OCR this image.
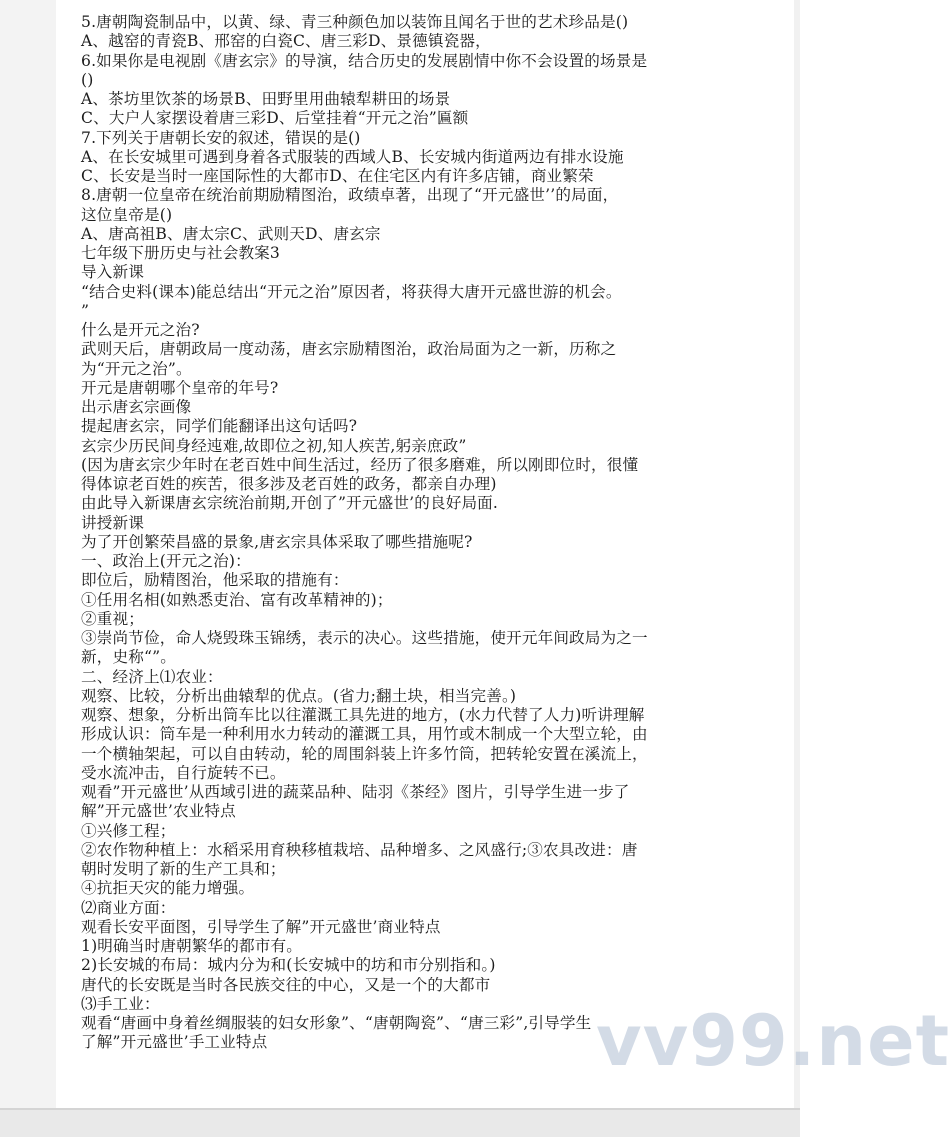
5.唐朝陶瓷制品中，以黄、绿、青三种颜色加以装饰且闻名于世的艺术珍品是()
A、越窑的青瓷B、邢窑的白瓷C、唐三彩D、景德镇瓷器，
6.如果你是电视剧《唐玄宗》的导演，结合历史的发展剧情中你不会设置的场景是
()
A、茶坊里饮茶的场景B、田野里用曲辕犁耕田的场景
C、大户人家摆设着唐三彩D、后堂挂着“开元之治”匾额
7.下列关于唐朝长安的叙述，错误的是()
A、在长安城里可遇到身着各式服装的西域人B、长安城内街道两边有排水设施
C、长安是当时一座国际性的大都市D、在住宅区内有许多店铺，商业繁荣
8.唐朝一位皇帝在统治前期励精图治，政绩卓著，出现了“开元盛世’’的局面，
这位皇帝是()
A、唐高祖B、唐太宗C、武则天D、唐玄宗
七年级下册历史与社会教案3
导入新课
“结合史料(课本)能总结出“开元之治”原因者，将获得大唐开元盛世游的机会。
”
什么是开元之治?
武则天后，唐朝政局一度动荡，唐玄宗励精图治，政治局面为之一新，历称之
为“开元之治”。
开元是唐朝哪个皇帝的年号?
出示唐玄宗画像
提起唐玄宗，同学们能翻译出这句话吗?
玄宗少历民间身经迍难,故即位之初,知人疾苦,躬亲庶政”
(因为唐玄宗少年时在老百姓中间生活过，经历了很多磨难，所以刚即位时，很懂
得体谅老百姓的疾苦，很多涉及老百姓的政务，都亲自办理)
由此导入新课唐玄宗统治前期,开创了”开元盛世’的良好局面.
讲授新课
为了开创繁荣昌盛的景象,唐玄宗具体采取了哪些措施呢?
一、政治上(开元之治)：
即位后，励精图治，他采取的措施有：
①任用名相(如熟悉吏治、富有改革精神的)；
②重视；
③崇尚节俭，命人烧毁珠玉锦绣，表示的决心。这些措施，使开元年间政局为之一
新，史称“”。
二、经济上⑴农业：
观察、比较，分析出曲辕犁的优点。(省力;翻土块，相当完善。)
观察、想象，分析出筒车比以往灌溉工具先进的地方，(水力代替了人力)听讲理解
形成认识：筒车是一种利用水力转动的灌溉工具，用竹或木制成一个大型立轮，由
一个横轴架起，可以自由转动，轮的周围斜装上许多竹筒，把转轮安置在溪流上，
受水流冲击，自行旋转不已。
观看”开元盛世’从西域引进的蔬菜品种、陆羽《茶经》图片，引导学生进一步了
解”开元盛世’农业特点
①兴修工程；
②农作物种植上：水稻采用育秧移植栽培、品种增多、之风盛行;③农具改进：唐
朝时发明了新的生产工具和；
④抗拒天灾的能力增强。
⑵商业方面：
观看长安平面图，引导学生了解”开元盛世’商业特点
1)明确当时唐朝繁华的都市有。
2)长安城的布局：城内分为和(长安城中的坊和市分别指和。)
唐代的长安既是当时各民族交往的中心，又是一个的大都市
⑶手工业：
观看“唐画中身着丝绸服装的妇女形象”、“唐朝陶瓷”、“唐三彩”,引导学生
了解”开元盛世’手工业特点	vv99.net
